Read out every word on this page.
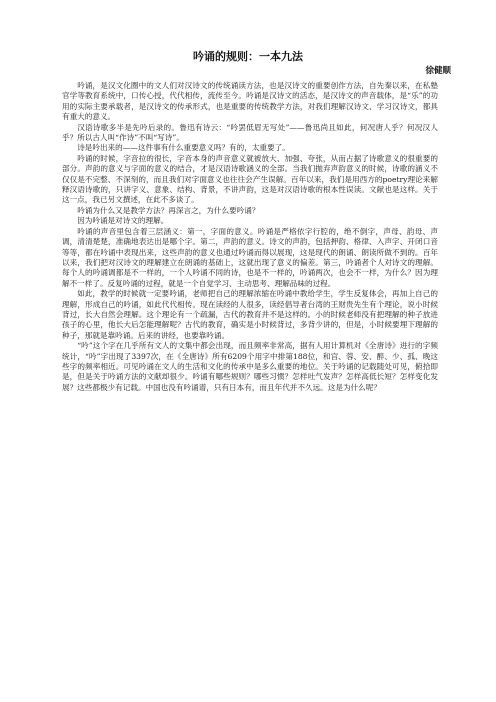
吟诵的规则：一本九法
徐健顺

吟诵，是汉文化圈中的文人们对汉诗文的传统诵读方法，也是汉诗文的重要创作方法，自先秦以来，在私塾官学等教育系统中，口传心授，代代相传，流传至今。吟诵是汉诗文的活态，是汉诗文的声音载体，是“乐”的功用的实际主要承载者，是汉诗文的传承形式，也是重要的传统教学方法，对我们理解汉诗文、学习汉诗文，都具有重大的意义。

汉语诗歌多半是先吟后录的。鲁迅有诗云：“吟罢低眉无写处”——鲁迅尚且如此，何况唐人乎？何况汉人乎？所以古人叫“作诗”不叫“写诗”。

诗是吟出来的——这件事有什么重要意义吗？有的，太重要了。

吟诵的时候，字音拉的很长，字音本身的声音意义就被放大、加强、夸张，从而占据了诗歌意义的很重要的部分。声韵的意义与字面的意义的结合，才是汉语诗歌涵义的全部。当我们抛弃声韵意义的时候，诗歌的涵义不仅仅是不完整、不深刻的，而且我们对字面意义也往往会产生误解。百年以来，我们是用西方的poetry理论来解释汉语诗歌的，只讲字义、意象、结构、背景，不讲声韵，这是对汉语诗歌的根本性误读。文献也是这样。关于这一点，我已另文撰述，在此不多谈了。

吟诵为什么又是教学方法？再深言之，为什么要吟诵？

因为吟诵是对诗文的理解。

吟诵的声音里包含着三层涵义：第一，字面的意义。吟诵是严格依字行腔的，绝不倒字，声母、韵母、声调，清清楚楚，准确地表达出是哪个字。第二，声韵的意义。诗文的声韵，包括押韵、格律、入声字、开闭口音等等，都在吟诵中表现出来，这些声韵的意义也通过吟诵而得以展现，这是现代的朗诵、朗读所做不到的。百年以来，我们把对汉诗文的理解建立在朗诵的基础上，这就出现了意义的偏差。第三，吟诵者个人对诗文的理解。每个人的吟诵调都是不一样的，一个人吟诵不同的诗，也是不一样的，吟诵两次，也会不一样，为什么？因为理解不一样了。反复吟诵的过程，就是一个自觉学习、主动思考、理解品味的过程。

如此，教学的时候就一定要吟诵，老师把自己的理解浓缩在吟诵中教给学生，学生反复体会，再加上自己的理解，形成自己的吟诵，如此代代相传。现在读经的人很多，读经倡导者台湾的王财贵先生有个理论，说小时候背过，长大自然会理解。这个理论有一个疏漏，古代的教育并不是这样的。小的时候老师没有把理解的种子放进孩子的心里，他长大后怎能理解呢？古代的教育，确实是小时候背过，多背少讲的，但是，小时候要埋下理解的种子，那就是靠吟诵。后来的讲经，也要靠吟诵。

“吟”这个字在几乎所有文人的文集中都会出现，而且频率非常高，据有人用计算机对《全唐诗》进行的字频统计，“吟”字出现了3397次，在《全唐诗》所有6209个用字中排第188位，和宫、蓉、安、醉、少、孤、晚这些字的频率相近。可见吟诵在文人的生活和文化的传承中是多么重要的地位。关于吟诵的记载随处可见，俯拾即是，但是关于吟诵方法的文献却很少。吟诵有哪些规则？哪些习惯？怎样吐气发声？怎样高低长短？怎样变化发展？这些都极少有记载。中国也没有吟诵谱，只有日本有，而且年代并不久远。这是为什么呢？
